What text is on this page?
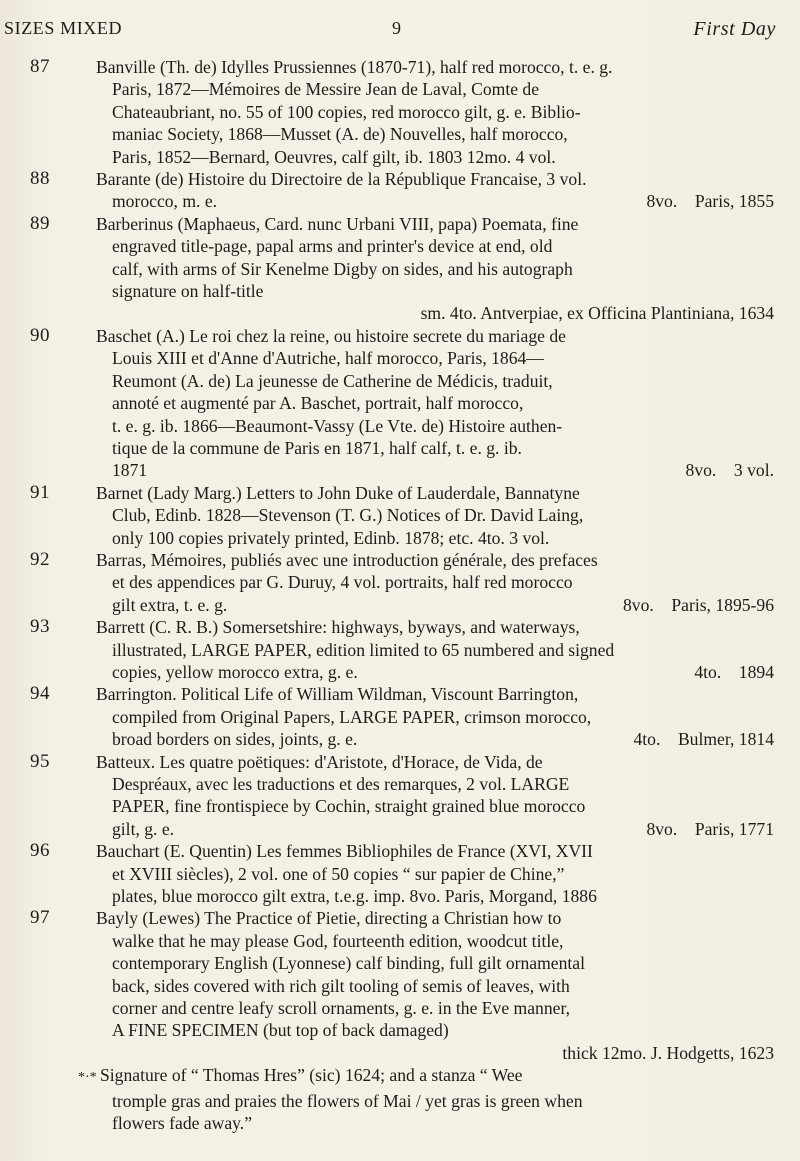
SIZES MIXED	9	First Day
87	Banville (Th. de) Idylles Prussiennes (1870-71), half red morocco, t. e. g.
Paris, 1872—Mémoires de Messire Jean de Laval, Comte de
Chateaubriant, no. 55 of 100 copies, red morocco gilt, g. e. Biblio-
maniac Society, 1868—Musset (A. de) Nouvelles, half morocco,
Paris, 1852—Bernard, Oeuvres, calf gilt, ib. 1803 12mo. 4 vol.
88	Barante (de) Histoire du Directoire de la République Francaise, 3 vol.
morocco, m. e.	8vo.    Paris, 1855
89	Barberinus (Maphaeus, Card. nunc Urbani VIII, papa) Poemata, fine
engraved title-page, papal arms and printer's device at end, old
calf, with arms of Sir Kenelme Digby on sides, and his autograph
signature on half-title
sm. 4to. Antverpiae, ex Officina Plantiniana, 1634
90	Baschet (A.) Le roi chez la reine, ou histoire secrete du mariage de
Louis XIII et d'Anne d'Autriche, half morocco, Paris, 1864—
Reumont (A. de) La jeunesse de Catherine de Médicis, traduit,
annoté et augmenté par A. Baschet, portrait, half morocco,
t. e. g. ib. 1866—Beaumont-Vassy (Le Vte. de) Histoire authen-
tique de la commune de Paris en 1871, half calf, t. e. g. ib.
1871	8vo.    3 vol.
91	Barnet (Lady Marg.) Letters to John Duke of Lauderdale, Bannatyne
Club, Edinb. 1828—Stevenson (T. G.) Notices of Dr. David Laing,
only 100 copies privately printed, Edinb. 1878; etc. 4to. 3 vol.
92	Barras, Mémoires, publiés avec une introduction générale, des prefaces
et des appendices par G. Duruy, 4 vol. portraits, half red morocco
gilt extra, t. e. g.	8vo.    Paris, 1895-96
93	Barrett (C. R. B.) Somersetshire: highways, byways, and waterways,
illustrated, LARGE PAPER, edition limited to 65 numbered and signed
copies, yellow morocco extra, g. e.	4to.    1894
94	Barrington. Political Life of William Wildman, Viscount Barrington,
compiled from Original Papers, LARGE PAPER, crimson morocco,
broad borders on sides, joints, g. e.	4to.    Bulmer, 1814
95	Batteux. Les quatre poëtiques: d'Aristote, d'Horace, de Vida, de
Despréaux, avec les traductions et des remarques, 2 vol. LARGE
PAPER, fine frontispiece by Cochin, straight grained blue morocco
gilt, g. e.	8vo.    Paris, 1771
96	Bauchart (E. Quentin) Les femmes Bibliophiles de France (XVI, XVII
et XVIII siècles), 2 vol. one of 50 copies “ sur papier de Chine,”
plates, blue morocco gilt extra, t.e.g. imp. 8vo. Paris, Morgand, 1886
97	Bayly (Lewes) The Practice of Pietie, directing a Christian how to
walke that he may please God, fourteenth edition, woodcut title,
contemporary English (Lyonnese) calf binding, full gilt ornamental
back, sides covered with rich gilt tooling of semis of leaves, with
corner and centre leafy scroll ornaments, g. e. in the Eve manner,
A FINE SPECIMEN (but top of back damaged)
thick 12mo. J. Hodgetts, 1623
*·* Signature of “ Thomas Hres” (sic) 1624; and a stanza “ Wee
tromple gras and praies the flowers of Mai / yet gras is green when
flowers fade away.”
